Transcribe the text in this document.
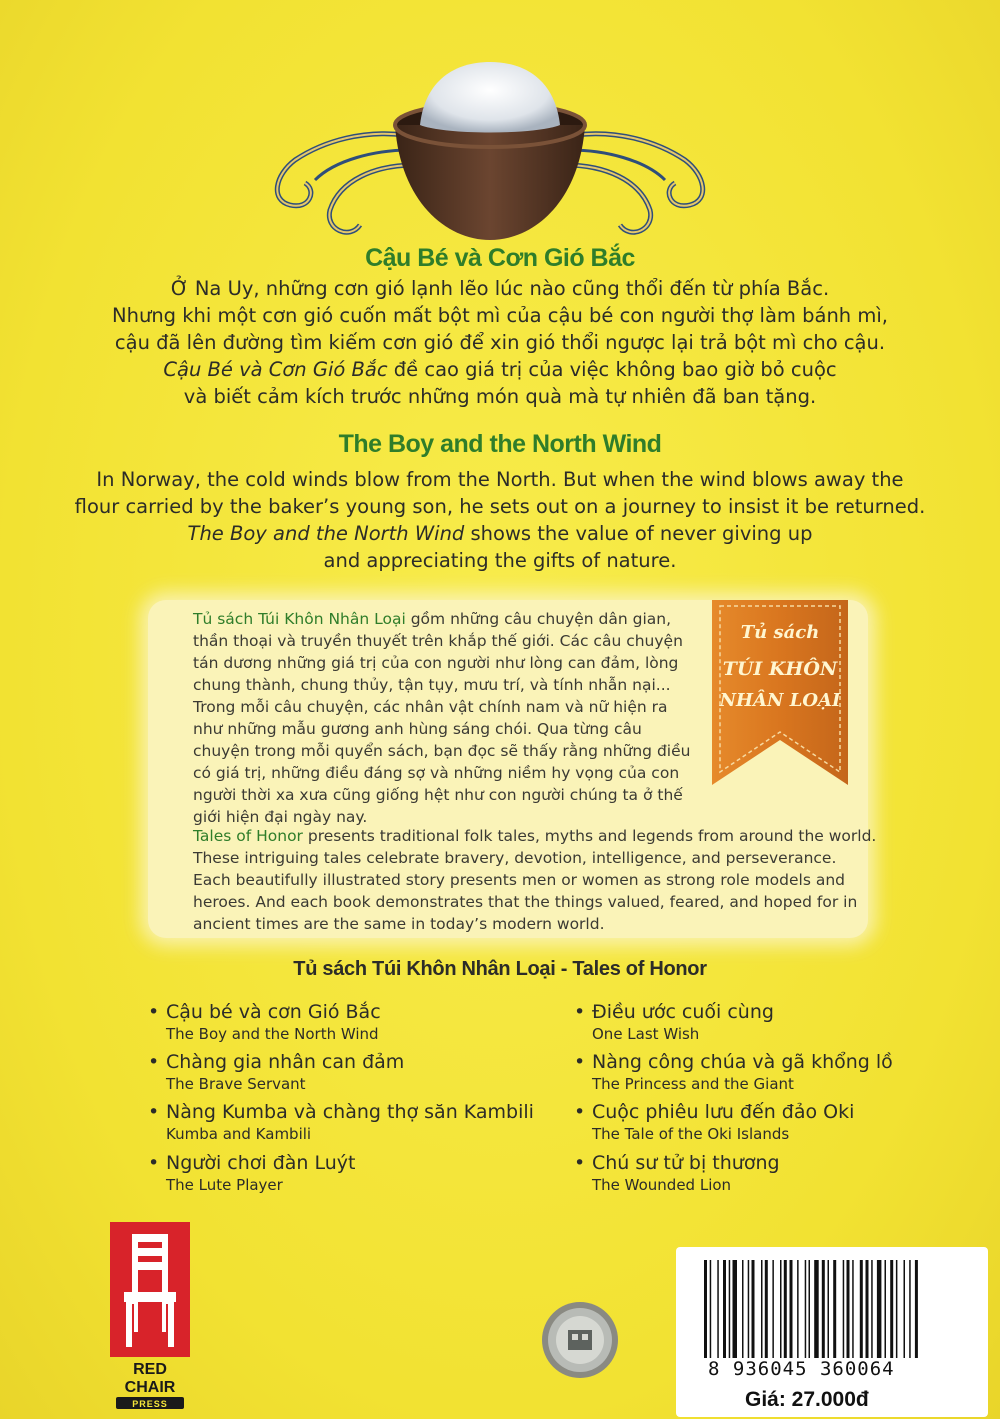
Cậu Bé và Cơn Gió Bắc
Ở Na Uy, những cơn gió lạnh lẽo lúc nào cũng thổi đến từ phía Bắc.
Nhưng khi một cơn gió cuốn mất bột mì của cậu bé con người thợ làm bánh mì,
cậu đã lên đường tìm kiếm cơn gió để xin gió thổi ngược lại trả bột mì cho cậu.
Cậu Bé và Cơn Gió Bắc đề cao giá trị của việc không bao giờ bỏ cuộc
và biết cảm kích trước những món quà mà tự nhiên đã ban tặng.
The Boy and the North Wind
In Norway, the cold winds blow from the North. But when the wind blows away the
flour carried by the baker’s young son, he sets out on a journey to insist it be returned.
The Boy and the North Wind shows the value of never giving up
and appreciating the gifts of nature.
Tủ sách Túi Khôn Nhân Loại gồm những câu chuyện dân gian,
thần thoại và truyền thuyết trên khắp thế giới. Các câu chuyện
tán dương những giá trị của con người như lòng can đảm, lòng
chung thành, chung thủy, tận tụy, mưu trí, và tính nhẫn nại...
Trong mỗi câu chuyện, các nhân vật chính nam và nữ hiện ra
như những mẫu gương anh hùng sáng chói. Qua từng câu
chuyện trong mỗi quyển sách, bạn đọc sẽ thấy rằng những điều
có giá trị, những điều đáng sợ và những niềm hy vọng của con
người thời xa xưa cũng giống hệt như con người chúng ta ở thế
giới hiện đại ngày nay.
Tales of Honor presents traditional folk tales, myths and legends from around the world.
These intriguing tales celebrate bravery, devotion, intelligence, and perseverance.
Each beautifully illustrated story presents men or women as strong role models and
heroes. And each book demonstrates that the things valued, feared, and hoped for in
ancient times are the same in today’s modern world.
Tủ sách
TÚI KHÔN
NHÂN LOẠI
Tủ sách Túi Khôn Nhân Loại - Tales of Honor
• Cậu bé và cơn Gió Bắc
The Boy and the North Wind
• Chàng gia nhân can đảm
The Brave Servant
• Nàng Kumba và chàng thợ săn Kambili
Kumba and Kambili
• Người chơi đàn Luýt
The Lute Player
• Điều ước cuối cùng
One Last Wish
• Nàng công chúa và gã khổng lồ
The Princess and the Giant
• Cuộc phiêu lưu đến đảo Oki
The Tale of the Oki Islands
• Chú sư tử bị thương
The Wounded Lion
RED
CHAIR
PRESS
8 936045 360064
Giá: 27.000đ
